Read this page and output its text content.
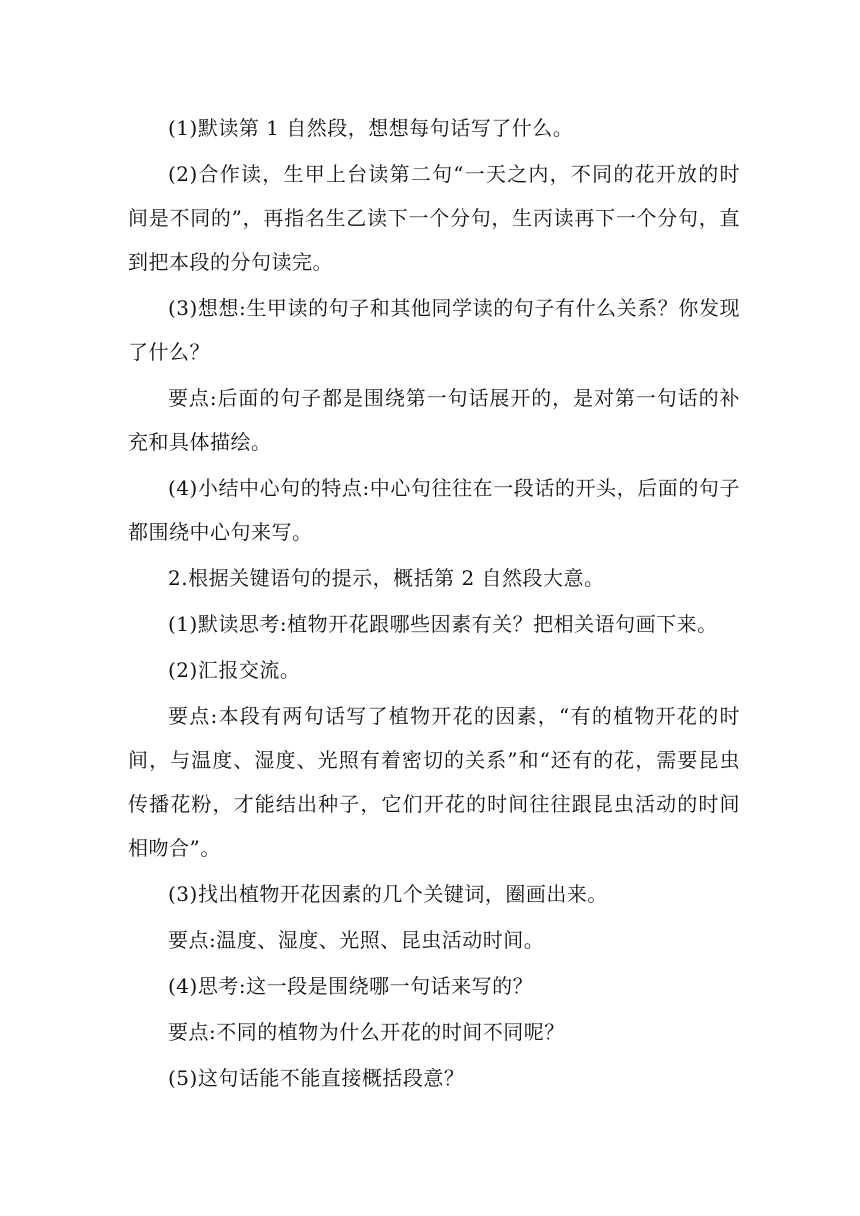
(1)默读第 1 自然段，想想每句话写了什么。

(2)合作读，生甲上台读第二句“一天之内，不同的花开放的时间是不同的”，再指名生乙读下一个分句，生丙读再下一个分句，直到把本段的分句读完。

(3)想想:生甲读的句子和其他同学读的句子有什么关系？你发现了什么？

要点:后面的句子都是围绕第一句话展开的，是对第一句话的补充和具体描绘。

(4)小结中心句的特点:中心句往往在一段话的开头，后面的句子都围绕中心句来写。

2.根据关键语句的提示，概括第 2 自然段大意。

(1)默读思考:植物开花跟哪些因素有关？把相关语句画下来。

(2)汇报交流。

要点:本段有两句话写了植物开花的因素，“有的植物开花的时间，与温度、湿度、光照有着密切的关系”和“还有的花，需要昆虫传播花粉，才能结出种子，它们开花的时间往往跟昆虫活动的时间相吻合”。

(3)找出植物开花因素的几个关键词，圈画出来。

要点:温度、湿度、光照、昆虫活动时间。

(4)思考:这一段是围绕哪一句话来写的？

要点:不同的植物为什么开花的时间不同呢？

(5)这句话能不能直接概括段意？
